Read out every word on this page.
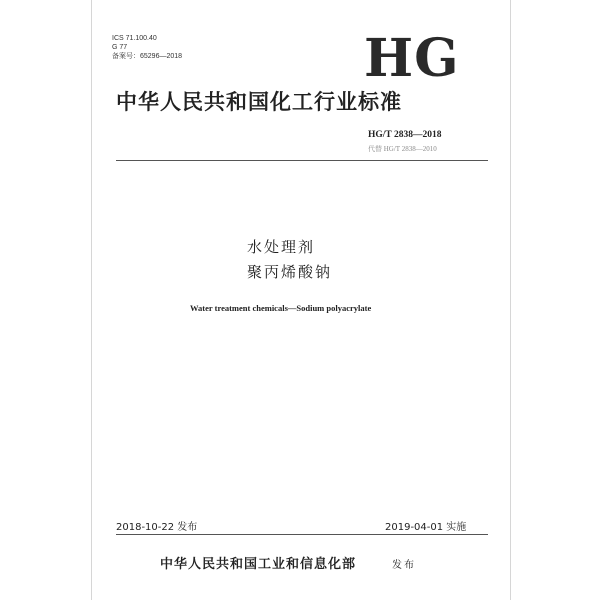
ICS 71.100.40
G 77
备案号：65296—2018	HG
中华人民共和国化工行业标准
HG/T 2838—2018
代替 HG/T 2838—2010
水处理剂
聚丙烯酸钠
Water treatment chemicals—Sodium polyacrylate
2018-10-22 发布	2019-04-01 实施
中华人民共和国工业和信息化部	发布
